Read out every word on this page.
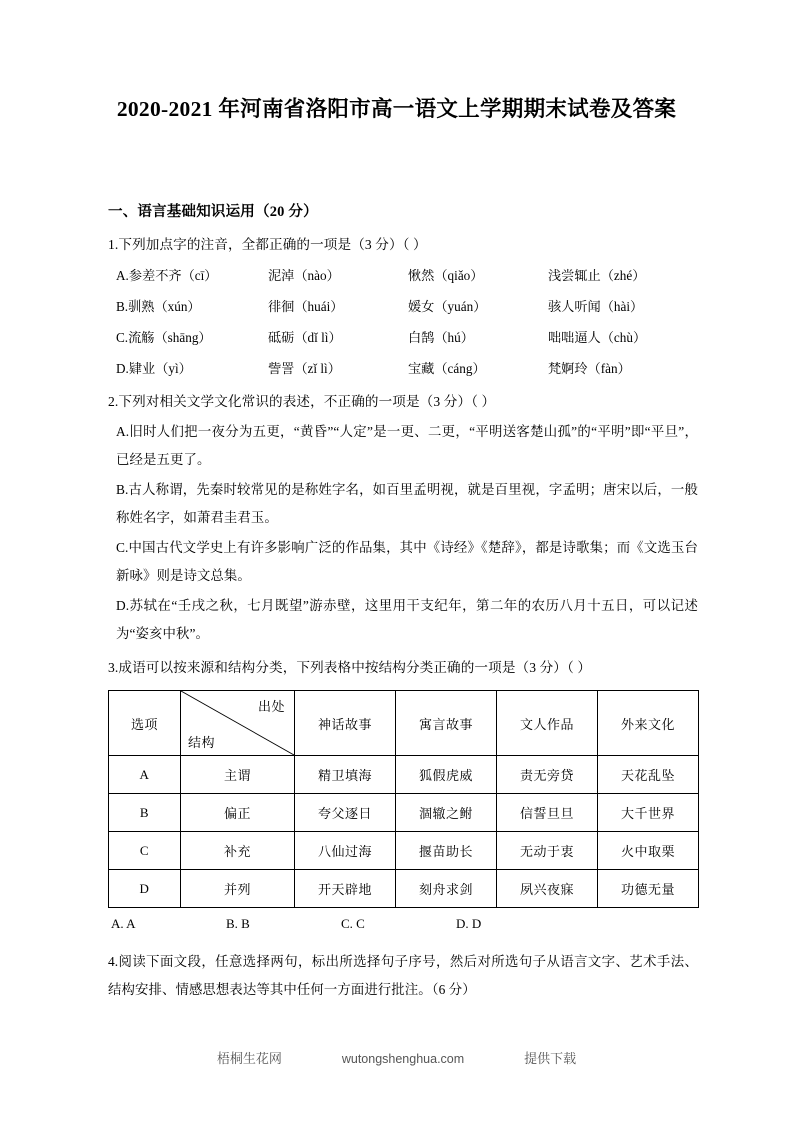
2020-2021 年河南省洛阳市高一语文上学期期末试卷及答案
一、语言基础知识运用（20 分）

1.下列加点字的注音，全都正确的一项是（3 分）（ ）

A.参差不齐（cī）	泥淖（nào）	愀然（qiǎo）	浅尝辄止（zhé）
B.驯熟（xún）	徘徊（huái）	媛女（yuán）	骇人听闻（hài）
C.流觞（shāng）	砥砺（dǐ lì）	白鹄（hú）	咄咄逼人（chù）
D.肄业（yì）	訾詈（zǐ lì）	宝藏（cáng）	梵婀玲（fàn）

2.下列对相关文学文化常识的表述，不正确的一项是（3 分）（ ）

A.旧时人们把一夜分为五更，“黄昏”“人定”是一更、二更，“平明送客楚山孤”的“平明”即“平旦”，已经是五更了。

B.古人称谓，先秦时较常见的是称姓字名，如百里孟明视，就是百里视，字孟明；唐宋以后，一般称姓名字，如萧君圭君玉。

C.中国古代文学史上有许多影响广泛的作品集，其中《诗经》《楚辞》，都是诗歌集；而《文选玉台新咏》则是诗文总集。

D.苏轼在“壬戌之秋，七月既望”游赤壁，这里用干支纪年，第二年的农历八月十五日，可以记述为“姿亥中秋”。

3.成语可以按来源和结构分类，下列表格中按结构分类正确的一项是（3 分）（ ）

选项	出处
结构	神话故事	寓言故事	文人作品	外来文化
A	主谓	精卫填海	狐假虎威	责无旁贷	天花乱坠
B	偏正	夸父逐日	涸辙之鲋	信誓旦旦	大千世界
C	补充	八仙过海	揠苗助长	无动于衷	火中取栗
D	并列	开天辟地	刻舟求剑	夙兴夜寐	功德无量
A. A	B. B	C. C	D. D

4.阅读下面文段，任意选择两句，标出所选择句子序号，然后对所选句子从语言文字、艺术手法、结构安排、情感思想表达等其中任何一方面进行批注。（6 分）

梧桐生花网	wutongshenghua.com	提供下载
